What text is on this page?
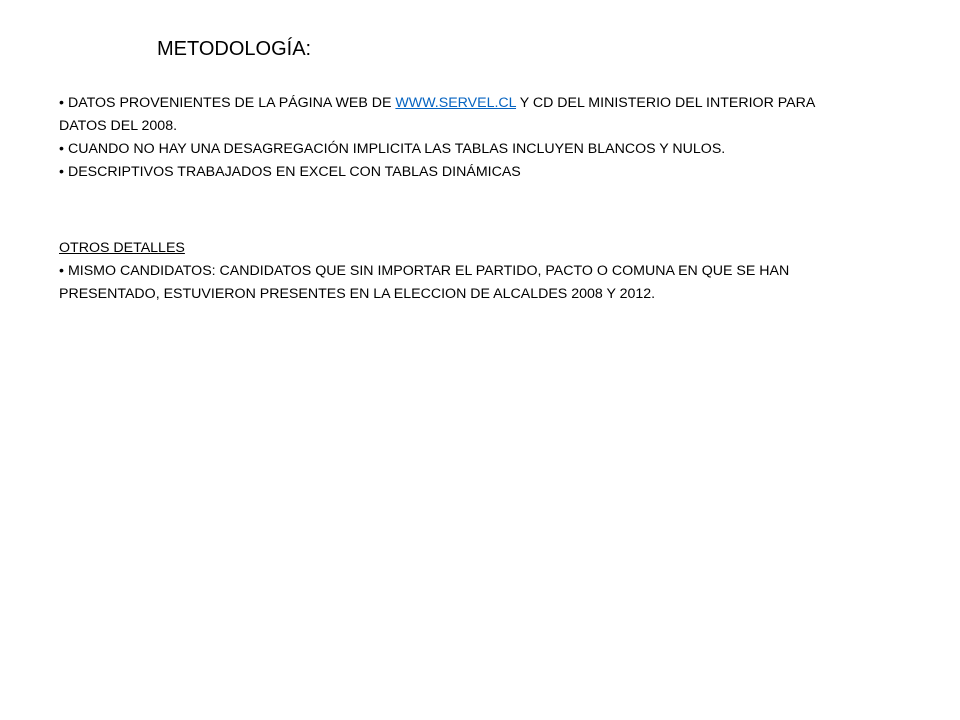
METODOLOGÍA:

• DATOS PROVENIENTES DE LA PÁGINA WEB DE WWW.SERVEL.CL Y CD DEL MINISTERIO DEL INTERIOR PARA

DATOS DEL 2008.

• CUANDO NO HAY UNA DESAGREGACIÓN IMPLICITA LAS TABLAS INCLUYEN BLANCOS Y NULOS.

• DESCRIPTIVOS TRABAJADOS EN EXCEL CON TABLAS DINÁMICAS

OTROS DETALLES

• MISMO CANDIDATOS: CANDIDATOS QUE SIN IMPORTAR EL PARTIDO, PACTO O COMUNA EN QUE SE HAN

PRESENTADO, ESTUVIERON PRESENTES EN LA ELECCION DE ALCALDES 2008 Y 2012.
